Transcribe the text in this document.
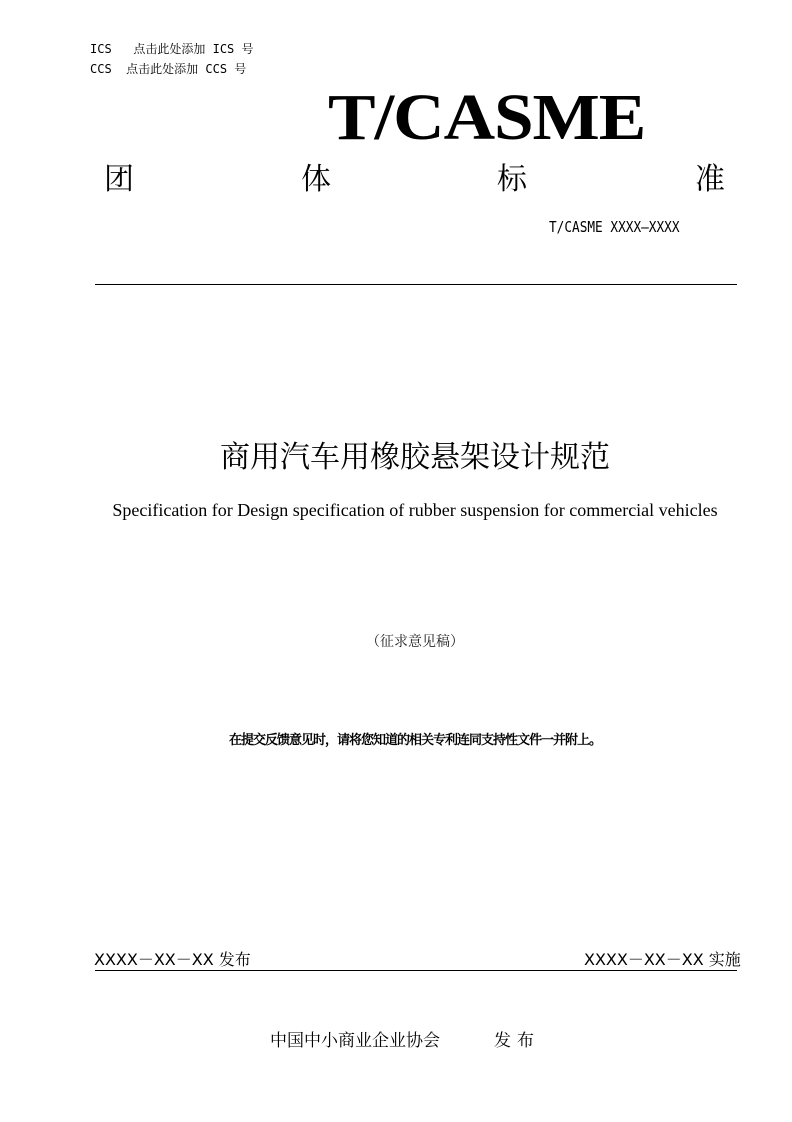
ICS 点击此处添加 ICS 号
CCS 点击此处添加 CCS 号
T/CASME
团	体	标	准
T/CASME XXXX—XXXX
商用汽车用橡胶悬架设计规范
Specification for Design specification of rubber suspension for commercial vehicles
（征求意见稿）
在提交反馈意见时，请将您知道的相关专利连同支持性文件一并附上。
XXXX－XX－XX 发布	XXXX－XX－XX 实施
中国中小商业企业协会	发布
